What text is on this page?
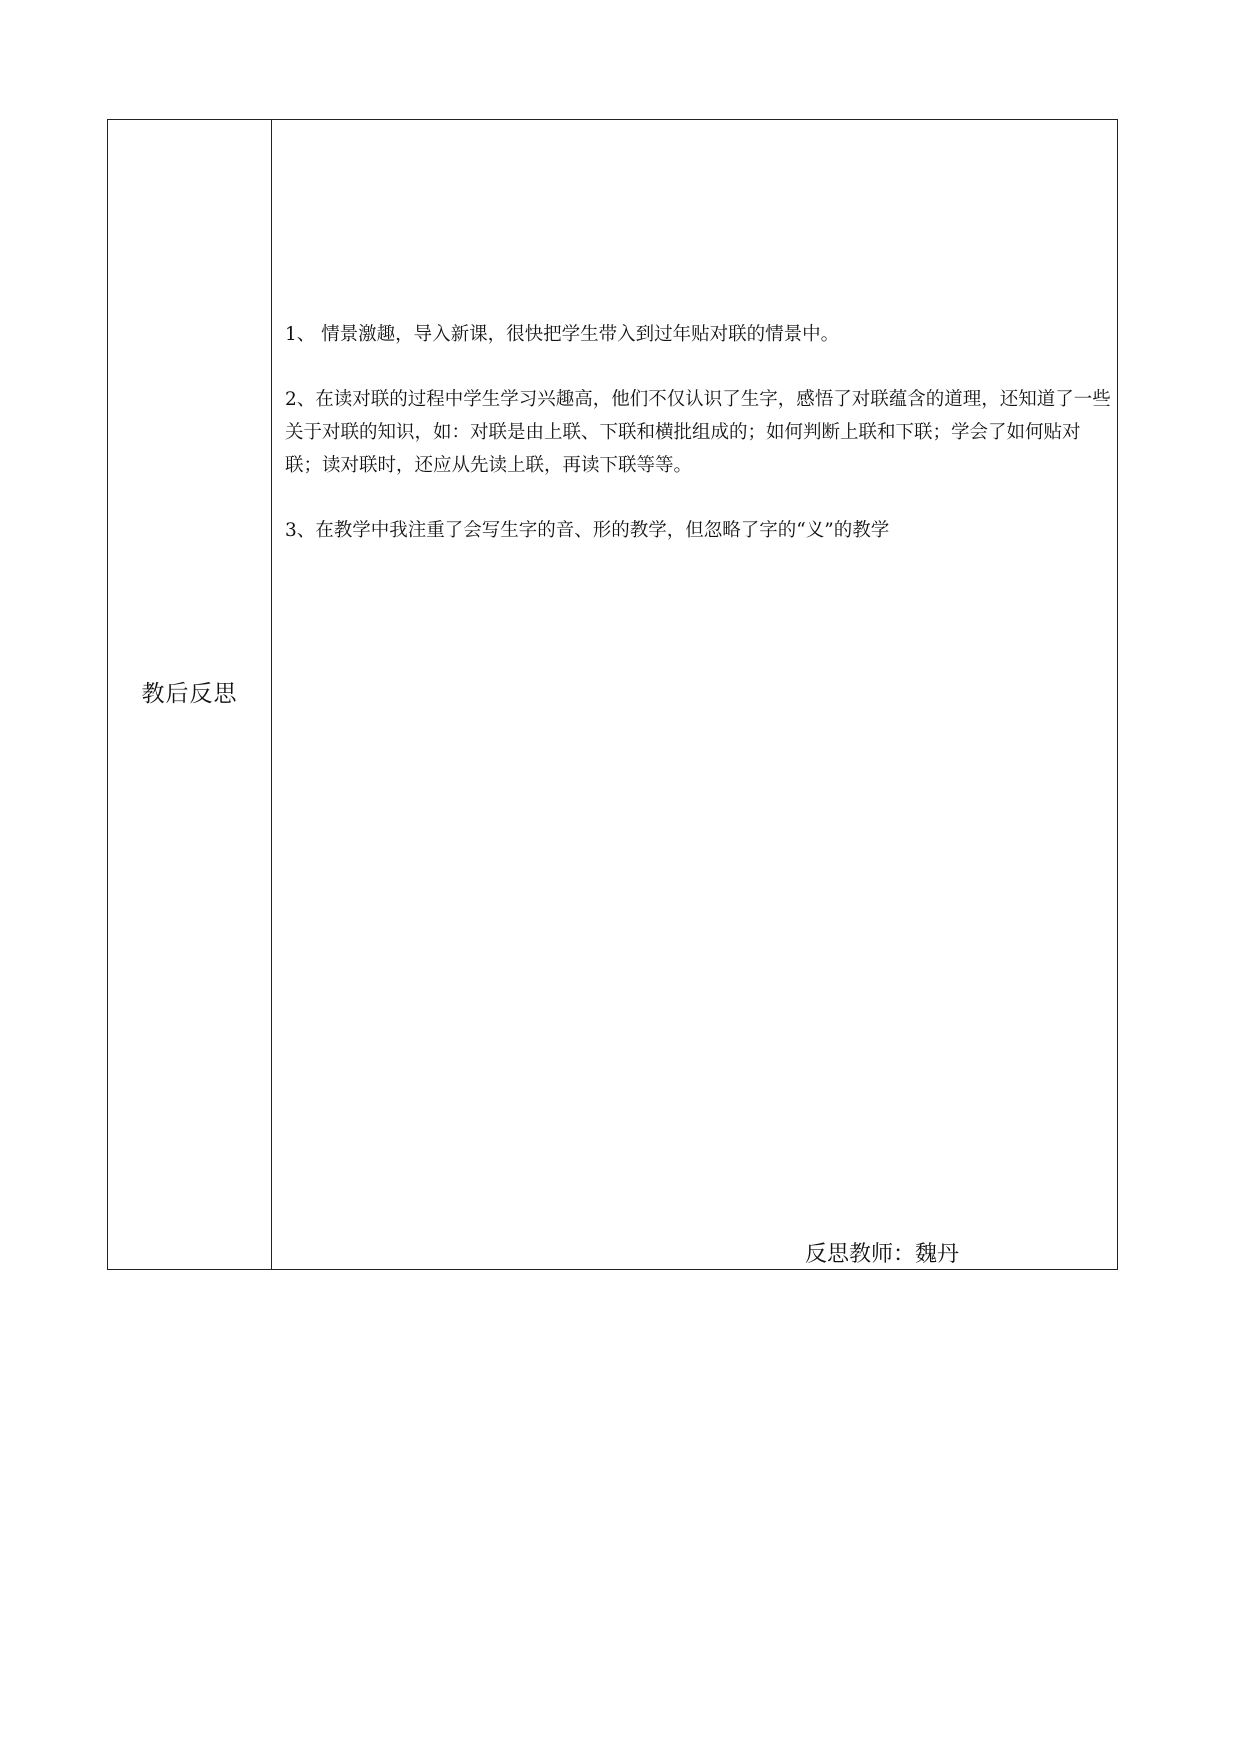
教后反思
1、 情景激趣，导入新课，很快把学生带入到过年贴对联的情景中。
2、在读对联的过程中学生学习兴趣高，他们不仅认识了生字，感悟了对联蕴含的道理，还知道了一些关于对联的知识，如：对联是由上联、下联和横批组成的；如何判断上联和下联；学会了如何贴对联；读对联时，还应从先读上联，再读下联等等。
3、在教学中我注重了会写生字的音、形的教学，但忽略了字的“义”的教学
反思教师：魏丹
